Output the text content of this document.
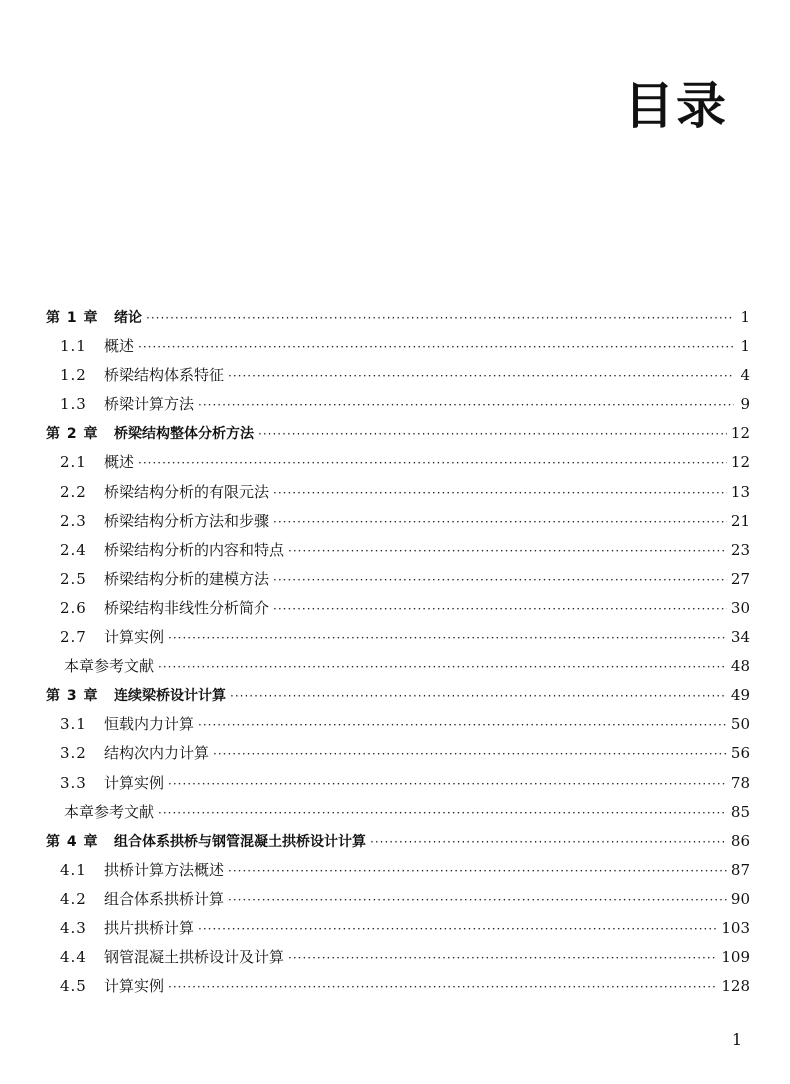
目录
第 1 章	绪论 ·····	1
1.1	概述 ·····	1
1.2	桥梁结构体系特征 ·····	4
1.3	桥梁计算方法 ·····	9
第 2 章	桥梁结构整体分析方法 ·····	12
2.1	概述 ·····	12
2.2	桥梁结构分析的有限元法 ·····	13
2.3	桥梁结构分析方法和步骤 ·····	21
2.4	桥梁结构分析的内容和特点 ·····	23
2.5	桥梁结构分析的建模方法 ·····	27
2.6	桥梁结构非线性分析简介 ·····	30
2.7	计算实例 ·····	34
本章参考文献 ·····	48
第 3 章	连续梁桥设计计算 ·····	49
3.1	恒载内力计算 ·····	50
3.2	结构次内力计算 ·····	56
3.3	计算实例 ·····	78
本章参考文献 ·····	85
第 4 章	组合体系拱桥与钢管混凝土拱桥设计计算 ·····	86
4.1	拱桥计算方法概述 ·····	87
4.2	组合体系拱桥计算 ·····	90
4.3	拱片拱桥计算 ·····	103
4.4	钢管混凝土拱桥设计及计算 ·····	109
4.5	计算实例 ·····	128
1
